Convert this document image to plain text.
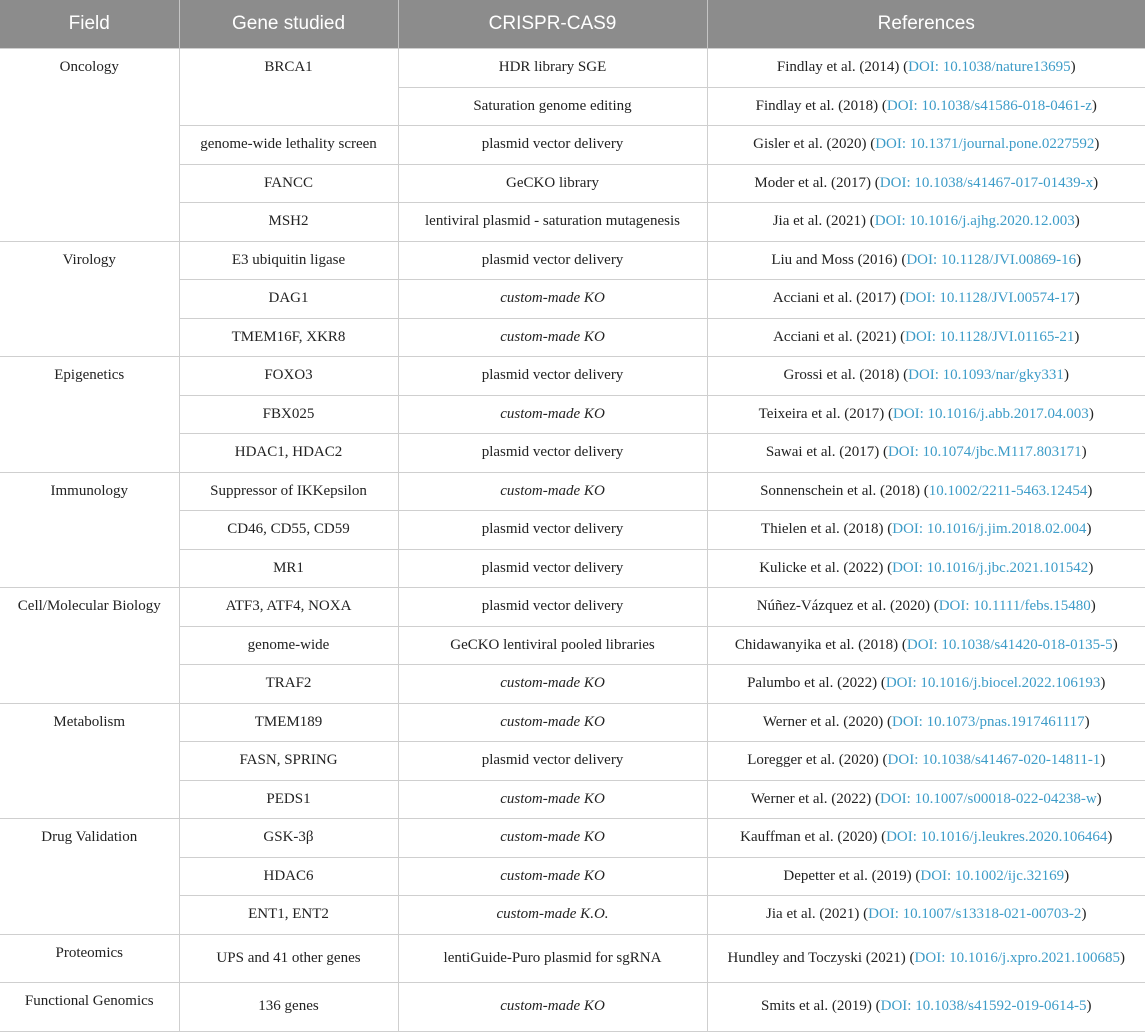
Field	Gene studied	CRISPR-CAS9	References
Oncology	BRCA1	HDR library SGE	Findlay et al. (2014) (DOI: 10.1038/nature13695)
		Saturation genome editing	Findlay et al. (2018) (DOI: 10.1038/s41586-018-0461-z)
	genome-wide lethality screen	plasmid vector delivery	Gisler et al. (2020) (DOI: 10.1371/journal.pone.0227592)
	FANCC	GeCKO library	Moder et al. (2017) (DOI: 10.1038/s41467-017-01439-x)
	MSH2	lentiviral plasmid - saturation mutagenesis	Jia et al. (2021) (DOI: 10.1016/j.ajhg.2020.12.003)
Virology	E3 ubiquitin ligase	plasmid vector delivery	Liu and Moss (2016) (DOI: 10.1128/JVI.00869-16)
	DAG1	custom-made KO	Acciani et al. (2017) (DOI: 10.1128/JVI.00574-17)
	TMEM16F, XKR8	custom-made KO	Acciani et al. (2021) (DOI: 10.1128/JVI.01165-21)
Epigenetics	FOXO3	plasmid vector delivery	Grossi et al. (2018) (DOI: 10.1093/nar/gky331)
	FBX025	custom-made KO	Teixeira et al. (2017) (DOI: 10.1016/j.abb.2017.04.003)
	HDAC1, HDAC2	plasmid vector delivery	Sawai et al. (2017) (DOI: 10.1074/jbc.M117.803171)
Immunology	Suppressor of IKKepsilon	custom-made KO	Sonnenschein et al. (2018) (10.1002/2211-5463.12454)
	CD46, CD55, CD59	plasmid vector delivery	Thielen et al. (2018) (DOI: 10.1016/j.jim.2018.02.004)
	MR1	plasmid vector delivery	Kulicke et al. (2022) (DOI: 10.1016/j.jbc.2021.101542)
Cell/Molecular Biology	ATF3, ATF4, NOXA	plasmid vector delivery	Núñez-Vázquez et al. (2020) (DOI: 10.1111/febs.15480)
	genome-wide	GeCKO lentiviral pooled libraries	Chidawanyika et al. (2018) (DOI: 10.1038/s41420-018-0135-5)
	TRAF2	custom-made KO	Palumbo et al. (2022) (DOI: 10.1016/j.biocel.2022.106193)
Metabolism	TMEM189	custom-made KO	Werner et al. (2020) (DOI: 10.1073/pnas.1917461117)
	FASN, SPRING	plasmid vector delivery	Loregger et al. (2020) (DOI: 10.1038/s41467-020-14811-1)
	PEDS1	custom-made KO	Werner et al. (2022) (DOI: 10.1007/s00018-022-04238-w)
Drug Validation	GSK-3β	custom-made KO	Kauffman et al. (2020) (DOI: 10.1016/j.leukres.2020.106464)
	HDAC6	custom-made KO	Depetter et al. (2019) (DOI: 10.1002/ijc.32169)
	ENT1, ENT2	custom-made K.O.	Jia et al. (2021) (DOI: 10.1007/s13318-021-00703-2)
Proteomics	UPS and 41 other genes	lentiGuide-Puro plasmid for sgRNA	Hundley and Toczyski (2021) (DOI: 10.1016/j.xpro.2021.100685)
Functional Genomics	136 genes	custom-made KO	Smits et al. (2019) (DOI: 10.1038/s41592-019-0614-5)
